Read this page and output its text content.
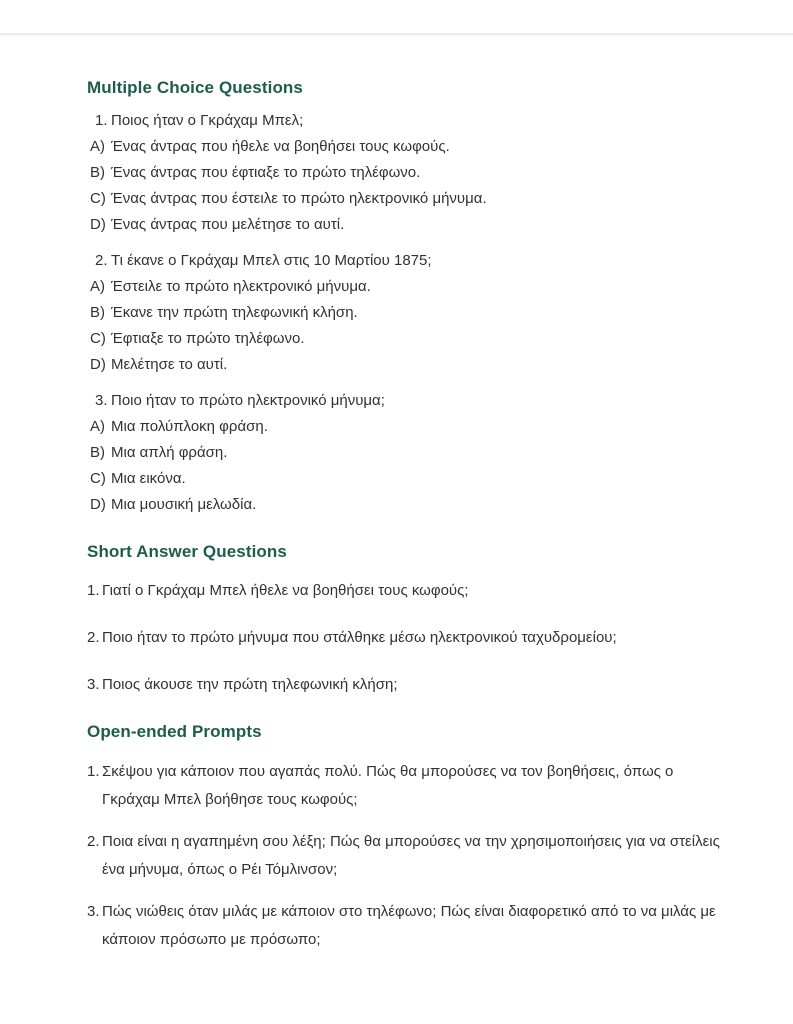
Multiple Choice Questions

1. Ποιος ήταν ο Γκράχαμ Μπελ;

A) Ένας άντρας που ήθελε να βοηθήσει τους κωφούς.

B) Ένας άντρας που έφτιαξε το πρώτο τηλέφωνο.

C) Ένας άντρας που έστειλε το πρώτο ηλεκτρονικό μήνυμα.

D) Ένας άντρας που μελέτησε το αυτί.

2. Τι έκανε ο Γκράχαμ Μπελ στις 10 Μαρτίου 1875;

A) Έστειλε το πρώτο ηλεκτρονικό μήνυμα.

B) Έκανε την πρώτη τηλεφωνική κλήση.

C) Έφτιαξε το πρώτο τηλέφωνο.

D) Μελέτησε το αυτί.

3. Ποιο ήταν το πρώτο ηλεκτρονικό μήνυμα;

A) Μια πολύπλοκη φράση.

B) Μια απλή φράση.

C) Μια εικόνα.

D) Μια μουσική μελωδία.

Short Answer Questions

1. Γιατί ο Γκράχαμ Μπελ ήθελε να βοηθήσει τους κωφούς;

2. Ποιο ήταν το πρώτο μήνυμα που στάλθηκε μέσω ηλεκτρονικού ταχυδρομείου;

3. Ποιος άκουσε την πρώτη τηλεφωνική κλήση;

Open-ended Prompts

1. Σκέψου για κάποιον που αγαπάς πολύ. Πώς θα μπορούσες να τον βοηθήσεις, όπως ο Γκράχαμ Μπελ βοήθησε τους κωφούς;

2. Ποια είναι η αγαπημένη σου λέξη; Πώς θα μπορούσες να την χρησιμοποιήσεις για να στείλεις ένα μήνυμα, όπως ο Ρέι Τόμλινσον;

3. Πώς νιώθεις όταν μιλάς με κάποιον στο τηλέφωνο; Πώς είναι διαφορετικό από το να μιλάς με κάποιον πρόσωπο με πρόσωπο;
